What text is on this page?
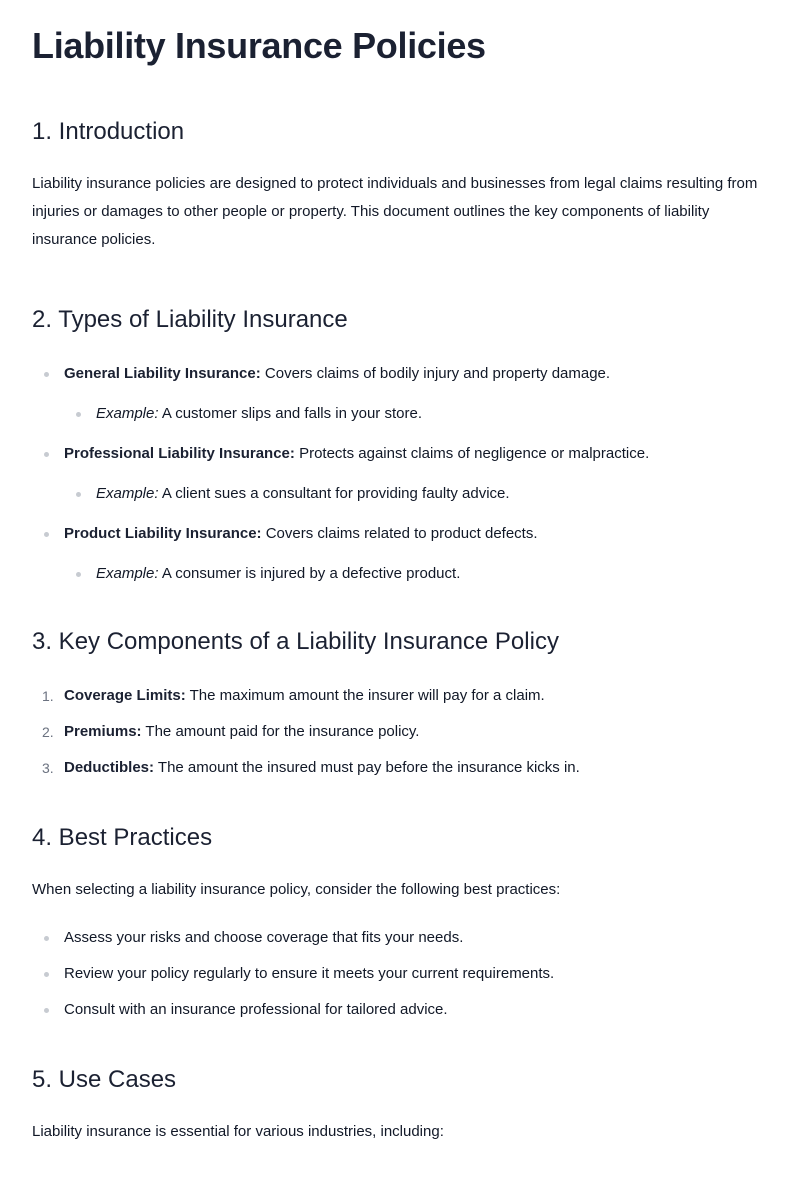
Liability Insurance Policies
1. Introduction

Liability insurance policies are designed to protect individuals and businesses from legal claims resulting from injuries or damages to other people or property. This document outlines the key components of liability insurance policies.

2. Types of Liability Insurance
General Liability Insurance: Covers claims of bodily injury and property damage.
Example: A customer slips and falls in your store.
Professional Liability Insurance: Protects against claims of negligence or malpractice.
Example: A client sues a consultant for providing faulty advice.
Product Liability Insurance: Covers claims related to product defects.
Example: A consumer is injured by a defective product.
3. Key Components of a Liability Insurance Policy
1. Coverage Limits: The maximum amount the insurer will pay for a claim.
2. Premiums: The amount paid for the insurance policy.
3. Deductibles: The amount the insured must pay before the insurance kicks in.
4. Best Practices

When selecting a liability insurance policy, consider the following best practices:

Assess your risks and choose coverage that fits your needs.
Review your policy regularly to ensure it meets your current requirements.
Consult with an insurance professional for tailored advice.
5. Use Cases

Liability insurance is essential for various industries, including:
